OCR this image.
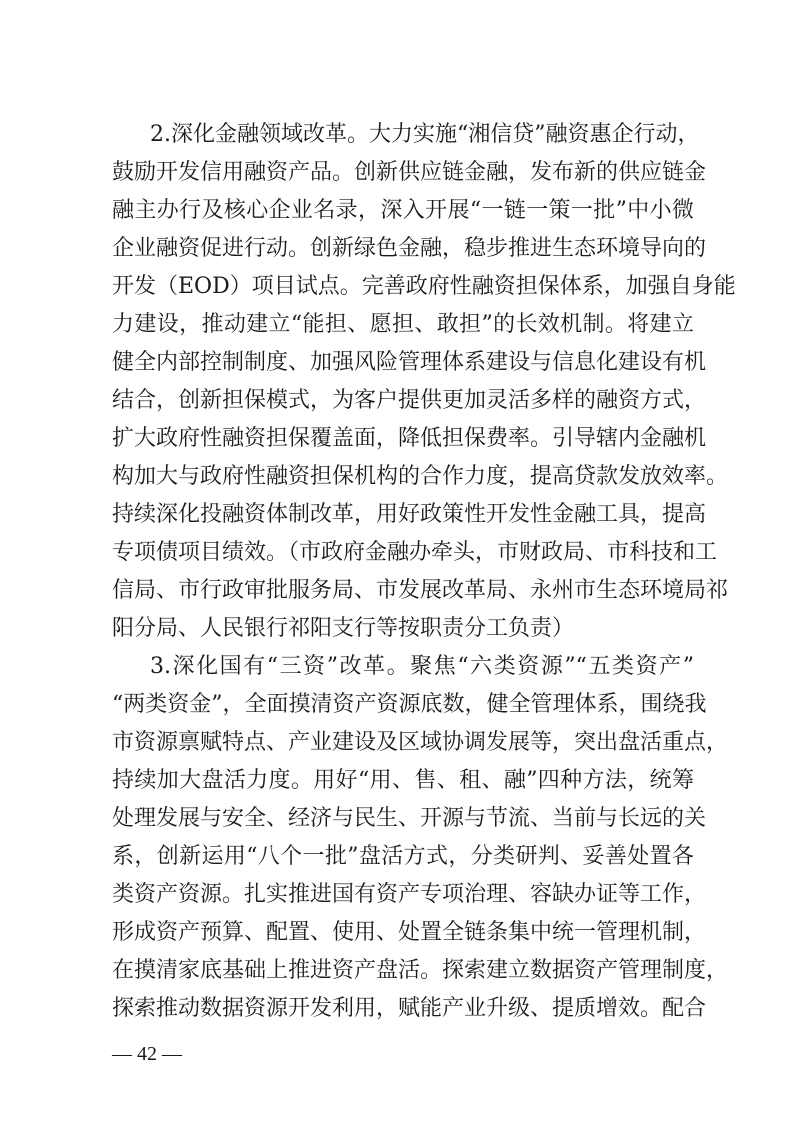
2.深化金融领域改革。大力实施“湘信贷”融资惠企行动，
鼓励开发信用融资产品。创新供应链金融，发布新的供应链金
融主办行及核心企业名录，深入开展“一链一策一批”中小微
企业融资促进行动。创新绿色金融，稳步推进生态环境导向的
开发（EOD）项目试点。完善政府性融资担保体系，加强自身能
力建设，推动建立“能担、愿担、敢担”的长效机制。将建立
健全内部控制制度、加强风险管理体系建设与信息化建设有机
结合，创新担保模式，为客户提供更加灵活多样的融资方式，
扩大政府性融资担保覆盖面，降低担保费率。引导辖内金融机
构加大与政府性融资担保机构的合作力度，提高贷款发放效率。
持续深化投融资体制改革，用好政策性开发性金融工具，提高
专项债项目绩效。（市政府金融办牵头，市财政局、市科技和工
信局、市行政审批服务局、市发展改革局、永州市生态环境局祁
阳分局、人民银行祁阳支行等按职责分工负责）
3.深化国有“三资”改革。聚焦“六类资源”“五类资产”
“两类资金”，全面摸清资产资源底数，健全管理体系，围绕我
市资源禀赋特点、产业建设及区域协调发展等，突出盘活重点，
持续加大盘活力度。用好“用、售、租、融”四种方法，统筹
处理发展与安全、经济与民生、开源与节流、当前与长远的关
系，创新运用“八个一批”盘活方式，分类研判、妥善处置各
类资产资源。扎实推进国有资产专项治理、容缺办证等工作，
形成资产预算、配置、使用、处置全链条集中统一管理机制，
在摸清家底基础上推进资产盘活。探索建立数据资产管理制度，
探索推动数据资源开发利用，赋能产业升级、提质增效。配合
— 42 —
